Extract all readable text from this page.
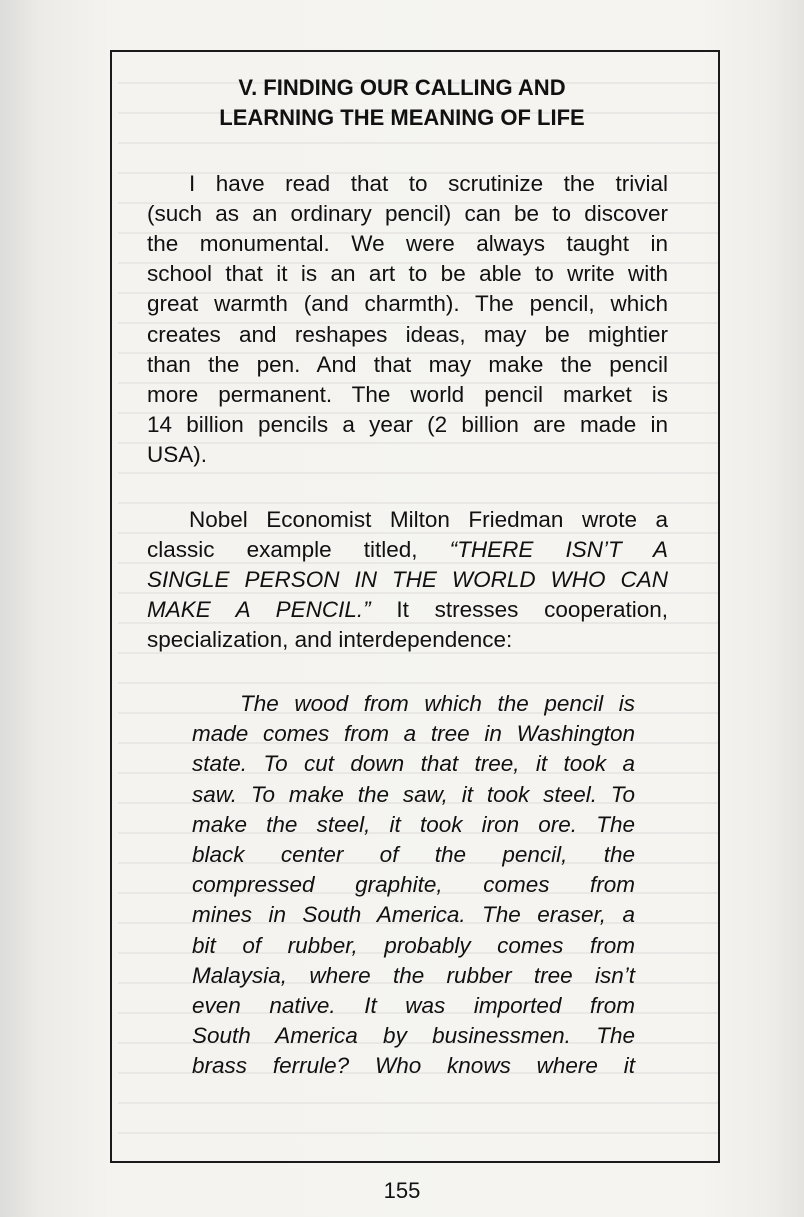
V. FINDING OUR CALLING AND
LEARNING THE MEANING OF LIFE
I have read that to scrutinize the trivial
(such as an ordinary pencil) can be to discover
the monumental. We were always taught in
school that it is an art to be able to write with
great warmth (and charmth). The pencil, which
creates and reshapes ideas, may be mightier
than the pen. And that may make the pencil
more permanent. The world pencil market is
14 billion pencils a year (2 billion are made in
USA).
Nobel Economist Milton Friedman wrote a
classic example titled, “THERE ISN’T A
SINGLE PERSON IN THE WORLD WHO CAN
MAKE A PENCIL.” It stresses cooperation,
specialization, and interdependence:
The wood from which the pencil is
made comes from a tree in Washington
state. To cut down that tree, it took a
saw. To make the saw, it took steel. To
make the steel, it took iron ore. The
black center of the pencil, the
compressed graphite, comes from
mines in South America. The eraser, a
bit of rubber, probably comes from
Malaysia, where the rubber tree isn’t
even native. It was imported from
South America by businessmen. The
brass ferrule? Who knows where it
155
